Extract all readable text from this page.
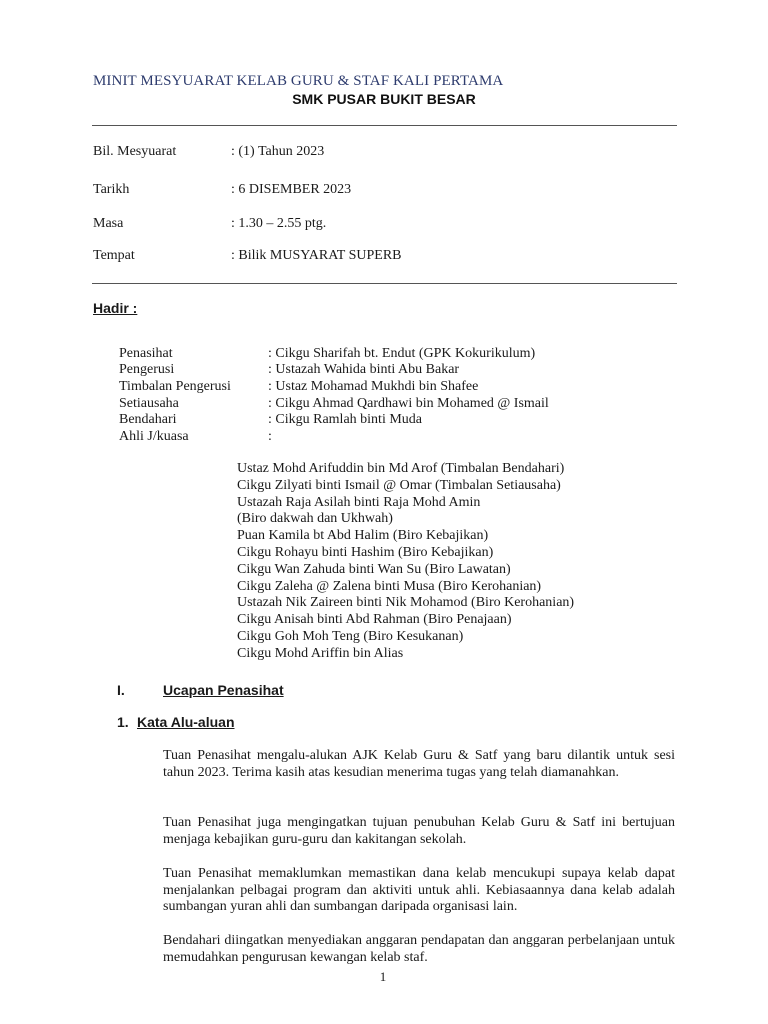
MINIT MESYUARAT KELAB GURU & STAF KALI PERTAMA
SMK PUSAR BUKIT BESAR
Bil. Mesyuarat	: (1) Tahun 2023
Tarikh	: 6 DISEMBER 2023
Masa	: 1.30 – 2.55 ptg.
Tempat	: Bilik MUSYARAT SUPERB
Hadir :
Penasihat	: Cikgu Sharifah bt. Endut (GPK Kokurikulum)
Pengerusi	: Ustazah Wahida binti Abu Bakar
Timbalan Pengerusi	: Ustaz Mohamad Mukhdi bin Shafee
Setiausaha	: Cikgu Ahmad Qardhawi bin Mohamed @ Ismail
Bendahari	: Cikgu Ramlah binti Muda
Ahli J/kuasa	:
Ustaz Mohd Arifuddin bin Md Arof (Timbalan Bendahari)
Cikgu Zilyati binti Ismail @ Omar (Timbalan Setiausaha)
Ustazah Raja Asilah binti Raja Mohd Amin
(Biro dakwah dan Ukhwah)
Puan Kamila bt Abd Halim (Biro Kebajikan)
Cikgu Rohayu binti Hashim (Biro Kebajikan)
Cikgu Wan Zahuda binti Wan Su (Biro Lawatan)
Cikgu Zaleha @ Zalena binti Musa (Biro Kerohanian)
Ustazah Nik Zaireen binti Nik Mohamod (Biro Kerohanian)
Cikgu Anisah binti Abd Rahman (Biro Penajaan)
Cikgu Goh Moh Teng (Biro Kesukanan)
Cikgu Mohd Ariffin bin Alias
I.	Ucapan Penasihat
1. Kata Alu-aluan
Tuan Penasihat mengalu-alukan AJK Kelab Guru & Satf yang baru dilantik untuk sesi tahun 2023. Terima kasih atas kesudian menerima tugas yang telah diamanahkan.
Tuan Penasihat juga mengingatkan tujuan penubuhan Kelab Guru & Satf ini bertujuan menjaga kebajikan guru-guru dan kakitangan sekolah.
Tuan Penasihat memaklumkan memastikan dana kelab mencukupi supaya kelab dapat menjalankan pelbagai program dan aktiviti untuk ahli. Kebiasaannya dana kelab adalah sumbangan yuran ahli dan sumbangan daripada organisasi lain.
Bendahari diingatkan menyediakan anggaran pendapatan dan anggaran perbelanjaan untuk memudahkan pengurusan kewangan kelab staf.
1
